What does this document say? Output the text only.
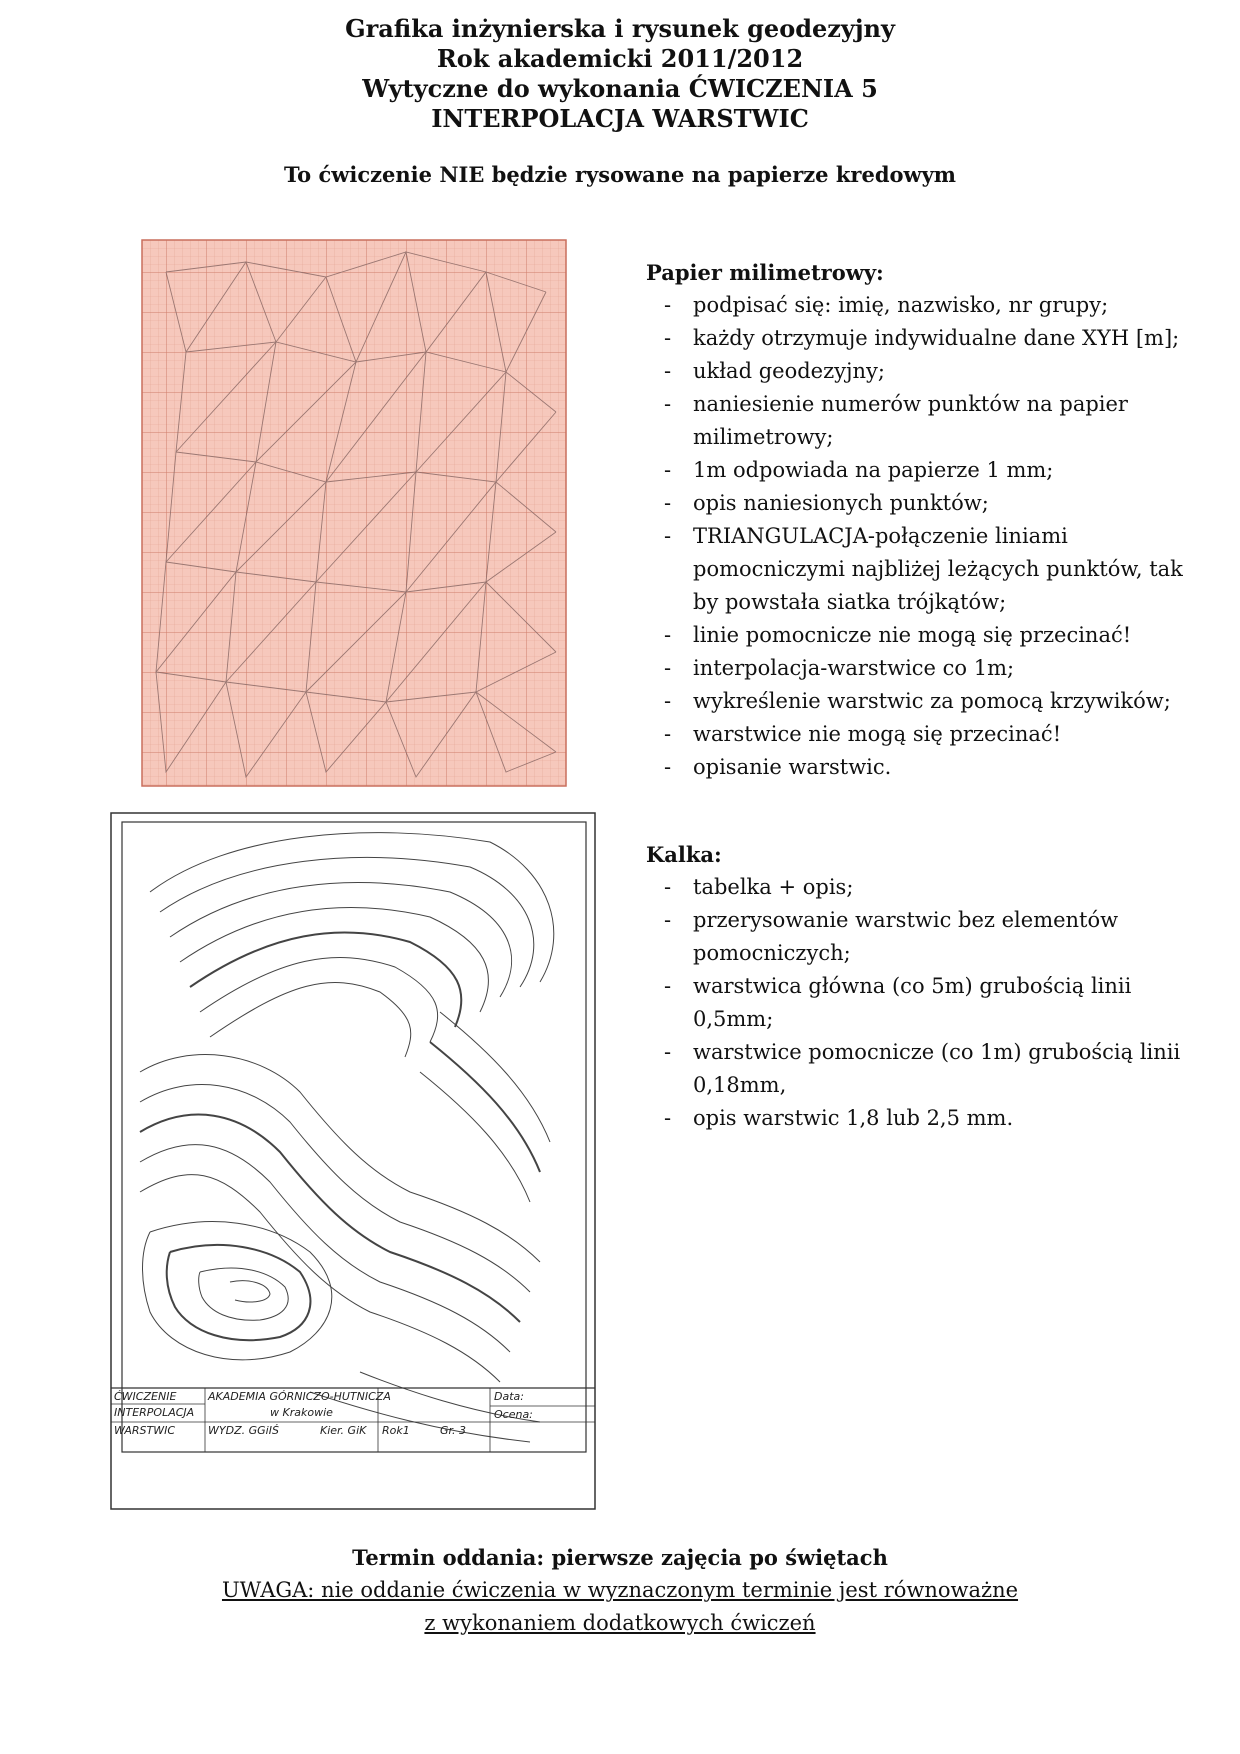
Grafika inżynierska i rysunek geodezyjny
Rok akademicki 2011/2012
Wytyczne do wykonania ĆWICZENIA 5
INTERPOLACJA WARSTWIC
To ćwiczenie NIE będzie rysowane na papierze kredowym
Papier milimetrowy:
- podpisać się: imię, nazwisko, nr grupy;
- każdy otrzymuje indywidualne dane XYH [m];
- układ geodezyjny;
- naniesienie numerów punktów na papier milimetrowy;
- 1m odpowiada na papierze 1 mm;
- opis naniesionych punktów;
- TRIANGULACJA-połączenie liniami pomocniczymi najbliżej leżących punktów, tak by powstała siatka trójkątów;
- linie pomocnicze nie mogą się przecinać!
- interpolacja-warstwice co 1m;
- wykreślenie warstwic za pomocą krzywików;
- warstwice nie mogą się przecinać!
- opisanie warstwic.
ĆWICZENIE
INTERPOLACJA
WARSTWIC
AKADEMIA GÓRNICZO-HUTNICZA
w Krakowie
WYDZ. GGiIŚ	Kier. GiK Rok1	Gr. 3
Data:
Ocena:
Kalka:
- tabelka + opis;
- przerysowanie warstwic bez elementów pomocniczych;
- warstwica główna (co 5m) grubością linii 0,5mm;
- warstwice pomocnicze (co 1m) grubością linii 0,18mm,
- opis warstwic 1,8 lub 2,5 mm.
Termin oddania: pierwsze zajęcia po świętach
UWAGA: nie oddanie ćwiczenia w wyznaczonym terminie jest równoważne
z wykonaniem dodatkowych ćwiczeń
